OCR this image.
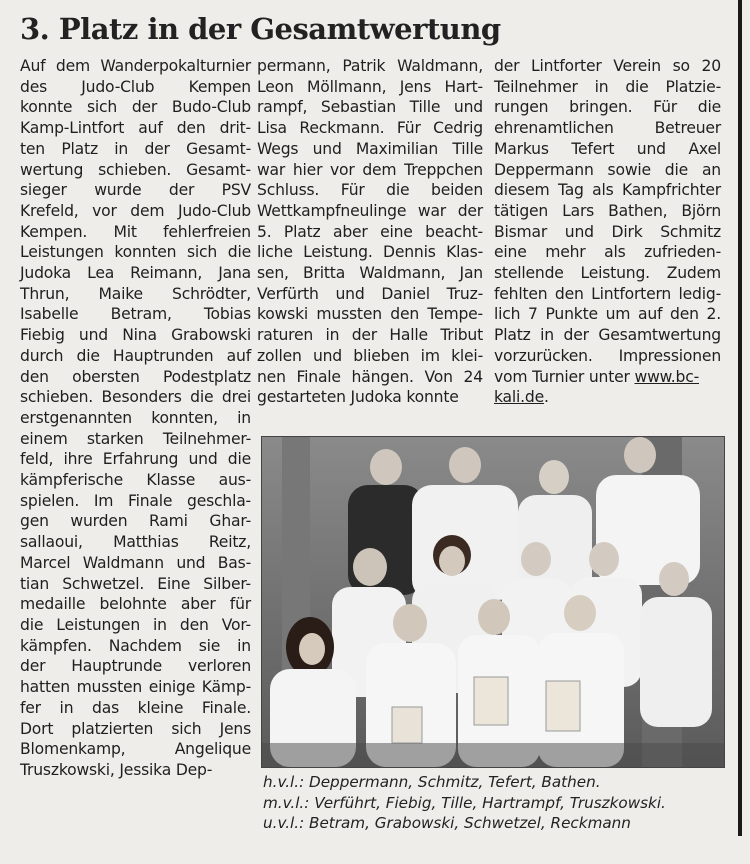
3. Platz in der Gesamtwertung
Auf dem Wanderpokalturnier
des Judo-Club Kempen
konnte sich der Budo-Club
Kamp-Lintfort auf den drit-
ten Platz in der Gesamt-
wertung schieben. Gesamt-
sieger wurde der PSV
Krefeld, vor dem Judo-Club
Kempen. Mit fehlerfreien
Leistungen konnten sich die
Judoka Lea Reimann, Jana
Thrun, Maike Schrödter,
Isabelle Betram, Tobias
Fiebig und Nina Grabowski
durch die Hauptrunden auf
den obersten Podestplatz
schieben. Besonders die drei
erstgenannten konnten, in
einem starken Teilnehmer-
feld, ihre Erfahrung und die
kämpferische Klasse aus-
spielen. Im Finale geschla-
gen wurden Rami Ghar-
sallaoui, Matthias Reitz,
Marcel Waldmann und Bas-
tian Schwetzel. Eine Silber-
medaille belohnte aber für
die Leistungen in den Vor-
kämpfen. Nachdem sie in
der Hauptrunde verloren
hatten mussten einige Kämp-
fer in das kleine Finale.
Dort platzierten sich Jens
Blomenkamp, Angelique
Truszkowski, Jessika Dep-
permann, Patrik Waldmann,
Leon Möllmann, Jens Hart-
rampf, Sebastian Tille und
Lisa Reckmann. Für Cedrig
Wegs und Maximilian Tille
war hier vor dem Treppchen
Schluss. Für die beiden
Wettkampfneulinge war der
5. Platz aber eine beacht-
liche Leistung. Dennis Klas-
sen, Britta Waldmann, Jan
Verfürth und Daniel Truz-
kowski mussten den Tempe-
raturen in der Halle Tribut
zollen und blieben im klei-
nen Finale hängen. Von 24
gestarteten Judoka konnte
der Lintforter Verein so 20
Teilnehmer in die Platzie-
rungen bringen. Für die
ehrenamtlichen Betreuer
Markus Tefert und Axel
Deppermann sowie die an
diesem Tag als Kampfrichter
tätigen Lars Bathen, Björn
Bismar und Dirk Schmitz
eine mehr als zufrieden-
stellende Leistung. Zudem
fehlten den Lintfortern ledig-
lich 7 Punkte um auf den 2.
Platz in der Gesamtwertung
vorzurücken. Impressionen
vom Turnier unter www.bc-
kali.de.
h.v.l.: Deppermann, Schmitz, Tefert, Bathen.
m.v.l.: Verführt, Fiebig, Tille, Hartrampf, Truszkowski.
u.v.l.: Betram, Grabowski, Schwetzel, Reckmann
